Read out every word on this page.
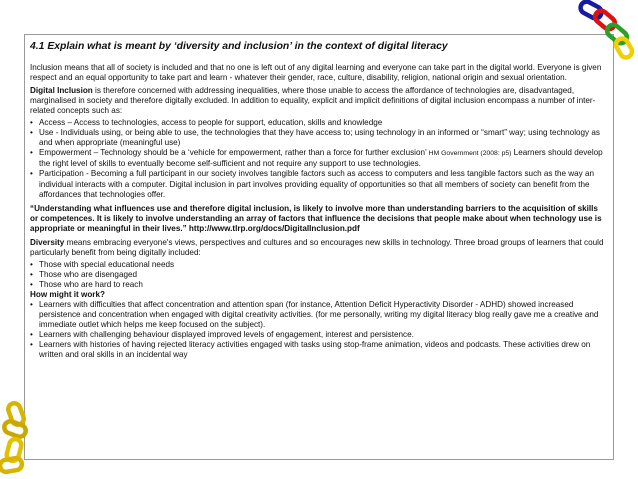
4.1 Explain what is meant by ‘diversity and inclusion’ in the context of digital literacy

Inclusion means that all of society is included and that no one is left out of any digital learning and everyone can take part in the digital world. Everyone is given respect and an equal opportunity to take part and learn - whatever their gender, race, culture, disability, religion, national origin and sexual orientation.

Digital Inclusion is therefore concerned with addressing inequalities, where those unable to access the affordance of technologies are, disadvantaged, marginalised in society and therefore digitally excluded. In addition to equality, explicit and implicit definitions of digital inclusion encompass a number of inter-related concepts such as:

• Access – Access to technologies, access to people for support, education, skills and knowledge
• Use - Individuals using, or being able to use, the technologies that they have access to; using technology in an informed or “smart” way; using technology as and when appropriate (meaningful use)
• Empowerment – Technology should be a ‘vehicle for empowerment, rather than a force for further exclusion’ HM Government (2008: p5) Learners should develop the right level of skills to eventually become self-sufficient and not require any support to use technologies.
• Participation - Becoming a full participant in our society involves tangible factors such as access to computers and less tangible factors such as the way an individual interacts with a computer. Digital inclusion in part involves providing equality of opportunities so that all members of society can benefit from the affordances that technologies offer.

“Understanding what influences use and therefore digital inclusion, is likely to involve more than understanding barriers to the acquisition of skills or competences. It is likely to involve understanding an array of factors that influence the decisions that people make about when technology use is appropriate or meaningful in their lives.” http://www.tlrp.org/docs/DigitalInclusion.pdf

Diversity means embracing everyone's views, perspectives and cultures and so encourages new skills in technology. Three broad groups of learners that could particularly benefit from being digitally included:

• Those with special educational needs
• Those who are disengaged
• Those who are hard to reach
How might it work?
• Learners with difficulties that affect concentration and attention span (for instance, Attention Deficit Hyperactivity Disorder - ADHD) showed increased persistence and concentration when engaged with digital creativity activities. (for me personally, writing my digital literacy blog really gave me a creative and immediate outlet which helps me keep focused on the subject).
• Learners with challenging behaviour displayed improved levels of engagement, interest and persistence.
• Learners with histories of having rejected literacy activities engaged with tasks using stop-frame animation, videos and podcasts. These activities drew on written and oral skills in an incidental way
